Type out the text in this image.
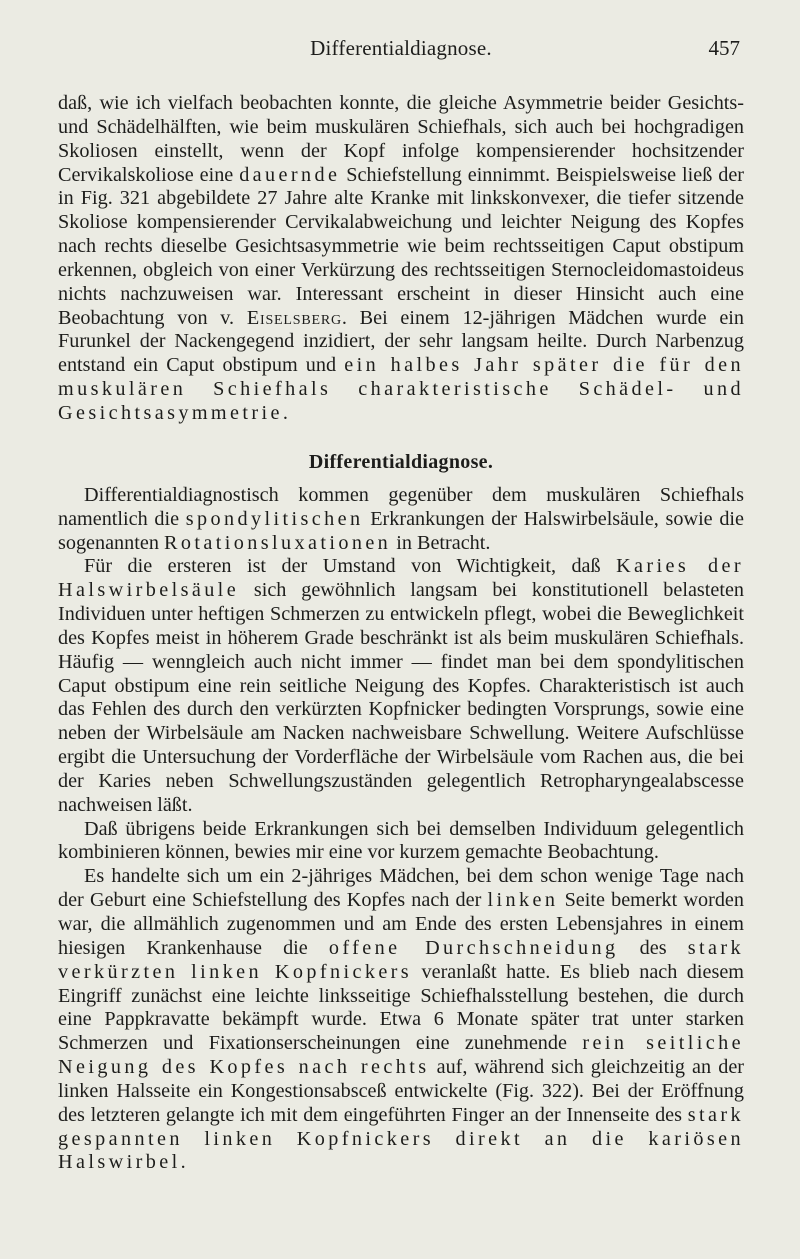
Differentialdiagnose.	457

daß, wie ich vielfach beobachten konnte, die gleiche Asymmetrie beider Gesichts- und Schädelhälften, wie beim muskulären Schiefhals, sich auch bei hochgradigen Skoliosen einstellt, wenn der Kopf infolge kompensierender hochsitzender Cervikalskoliose eine dauernde Schiefstellung einnimmt. Beispielsweise ließ der in Fig. 321 abgebildete 27 Jahre alte Kranke mit linkskonvexer, die tiefer sitzende Skoliose kompensierender Cervikalabweichung und leichter Neigung des Kopfes nach rechts dieselbe Gesichtsasymmetrie wie beim rechtsseitigen Caput obstipum erkennen, obgleich von einer Verkürzung des rechtsseitigen Sternocleidomastoideus nichts nachzuweisen war. Interessant erscheint in dieser Hinsicht auch eine Beobachtung von v. Eiselsberg. Bei einem 12-jährigen Mädchen wurde ein Furunkel der Nackengegend inzidiert, der sehr langsam heilte. Durch Narbenzug entstand ein Caput obstipum und ein halbes Jahr später die für den muskulären Schiefhals charakteristische Schädel- und Gesichtsasymmetrie.

Differentialdiagnose.

Differentialdiagnostisch kommen gegenüber dem muskulären Schiefhals namentlich die spondylitischen Erkrankungen der Halswirbelsäule, sowie die sogenannten Rotationsluxationen in Betracht.

Für die ersteren ist der Umstand von Wichtigkeit, daß Karies der Halswirbelsäule sich gewöhnlich langsam bei konstitutionell belasteten Individuen unter heftigen Schmerzen zu entwickeln pflegt, wobei die Beweglichkeit des Kopfes meist in höherem Grade beschränkt ist als beim muskulären Schiefhals. Häufig — wenngleich auch nicht immer — findet man bei dem spondylitischen Caput obstipum eine rein seitliche Neigung des Kopfes. Charakteristisch ist auch das Fehlen des durch den verkürzten Kopfnicker bedingten Vorsprungs, sowie eine neben der Wirbelsäule am Nacken nachweisbare Schwellung. Weitere Aufschlüsse ergibt die Untersuchung der Vorderfläche der Wirbelsäule vom Rachen aus, die bei der Karies neben Schwellungszuständen gelegentlich Retropharyngealabscesse nachweisen läßt.

Daß übrigens beide Erkrankungen sich bei demselben Individuum gelegentlich kombinieren können, bewies mir eine vor kurzem gemachte Beobachtung.

Es handelte sich um ein 2-jähriges Mädchen, bei dem schon wenige Tage nach der Geburt eine Schiefstellung des Kopfes nach der linken Seite bemerkt worden war, die allmählich zugenommen und am Ende des ersten Lebensjahres in einem hiesigen Krankenhause die offene Durchschneidung des stark verkürzten linken Kopfnickers veranlaßt hatte. Es blieb nach diesem Eingriff zunächst eine leichte linksseitige Schiefhalsstellung bestehen, die durch eine Pappkravatte bekämpft wurde. Etwa 6 Monate später trat unter starken Schmerzen und Fixationserscheinungen eine zunehmende rein seitliche Neigung des Kopfes nach rechts auf, während sich gleichzeitig an der linken Halsseite ein Kongestionsabsceß entwickelte (Fig. 322). Bei der Eröffnung des letzteren gelangte ich mit dem eingeführten Finger an der Innenseite des stark gespannten linken Kopfnickers direkt an die kariösen Halswirbel.
